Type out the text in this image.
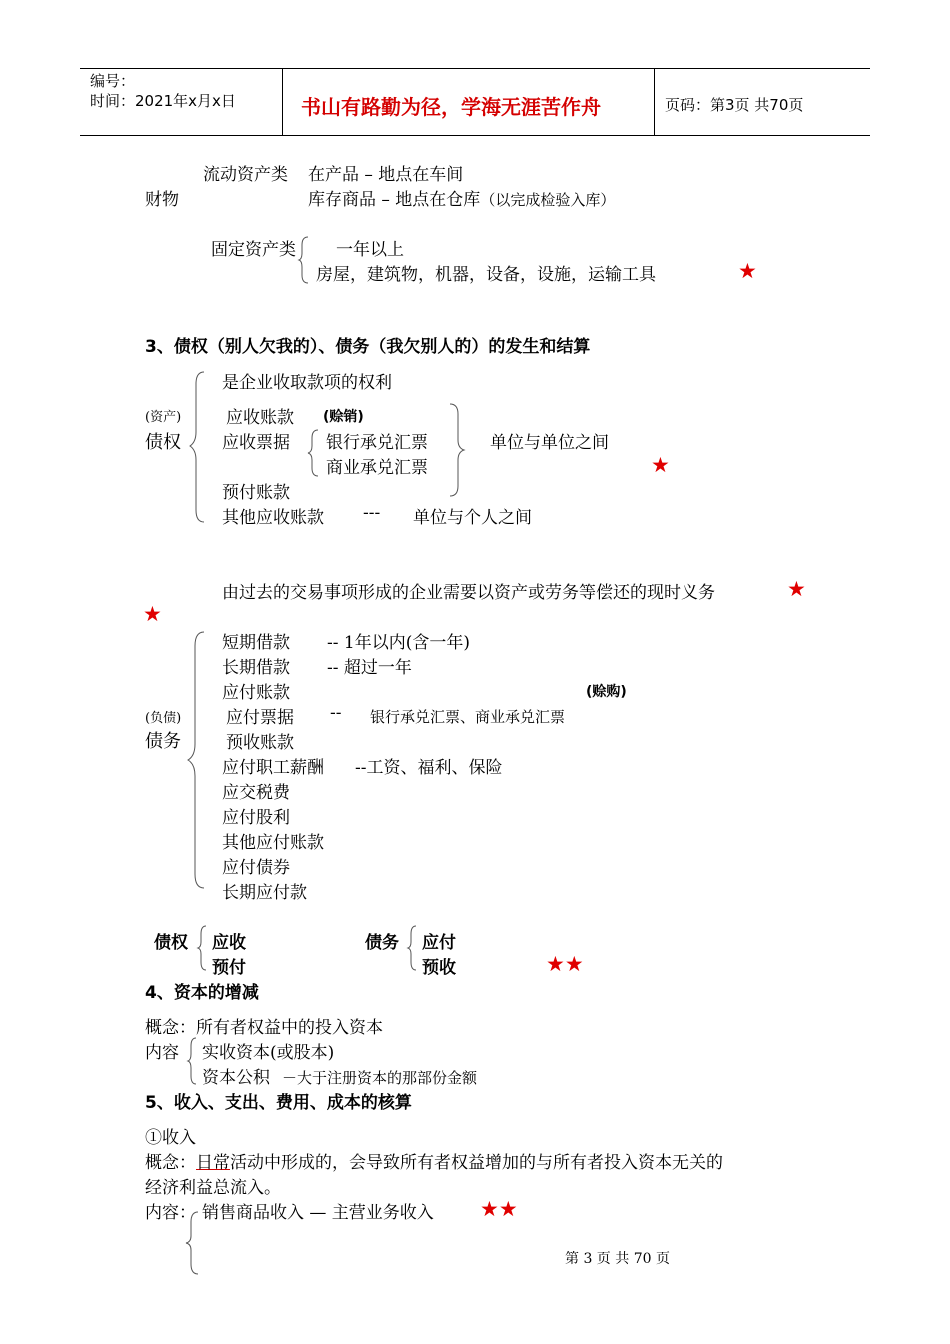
编号：
时间：2021年x月x日	书山有路勤为径，学海无涯苦作舟	页码：第3页 共70页
流动资产类 在产品 – 地点在车间
财物	库存商品 – 地点在仓库（以完成检验入库）
固定资产类 一年以上
房屋，建筑物，机器，设备，设施，运输工具	★
3、债权（别人欠我的）、债务（我欠别人的）的发生和结算
是企业收取款项的权利
(资产)
债权
应收账款 (赊销)
应收票据 银行承兑汇票
商业承兑汇票
单位与单位之间
★
预付账款
其他应收账款 --- 单位与个人之间
由过去的交易事项形成的企业需要以资产或劳务等偿还的现时义务	★
★
(负债)
债务
短期借款 -- 1年以内(含一年)
长期借款 -- 超过一年
应付账款	(赊购)
应付票据 -- 银行承兑汇票、商业承兑汇票
预收账款
应付职工薪酬 --工资、福利、保险
应交税费
应付股利
其他应付账款
应付债券
长期应付款
债权 应收
预付
债务 应付
预收	★★
4、资本的增减
概念：所有者权益中的投入资本
内容 实收资本(或股本)
资本公积 －大于注册资本的那部份金额
5、收入、支出、费用、成本的核算
①收入
概念：日常活动中形成的，会导致所有者权益增加的与所有者投入资本无关的
经济利益总流入。
内容： 销售商品收入 — 主营业务收入 ★★
第 3 页 共 70 页
